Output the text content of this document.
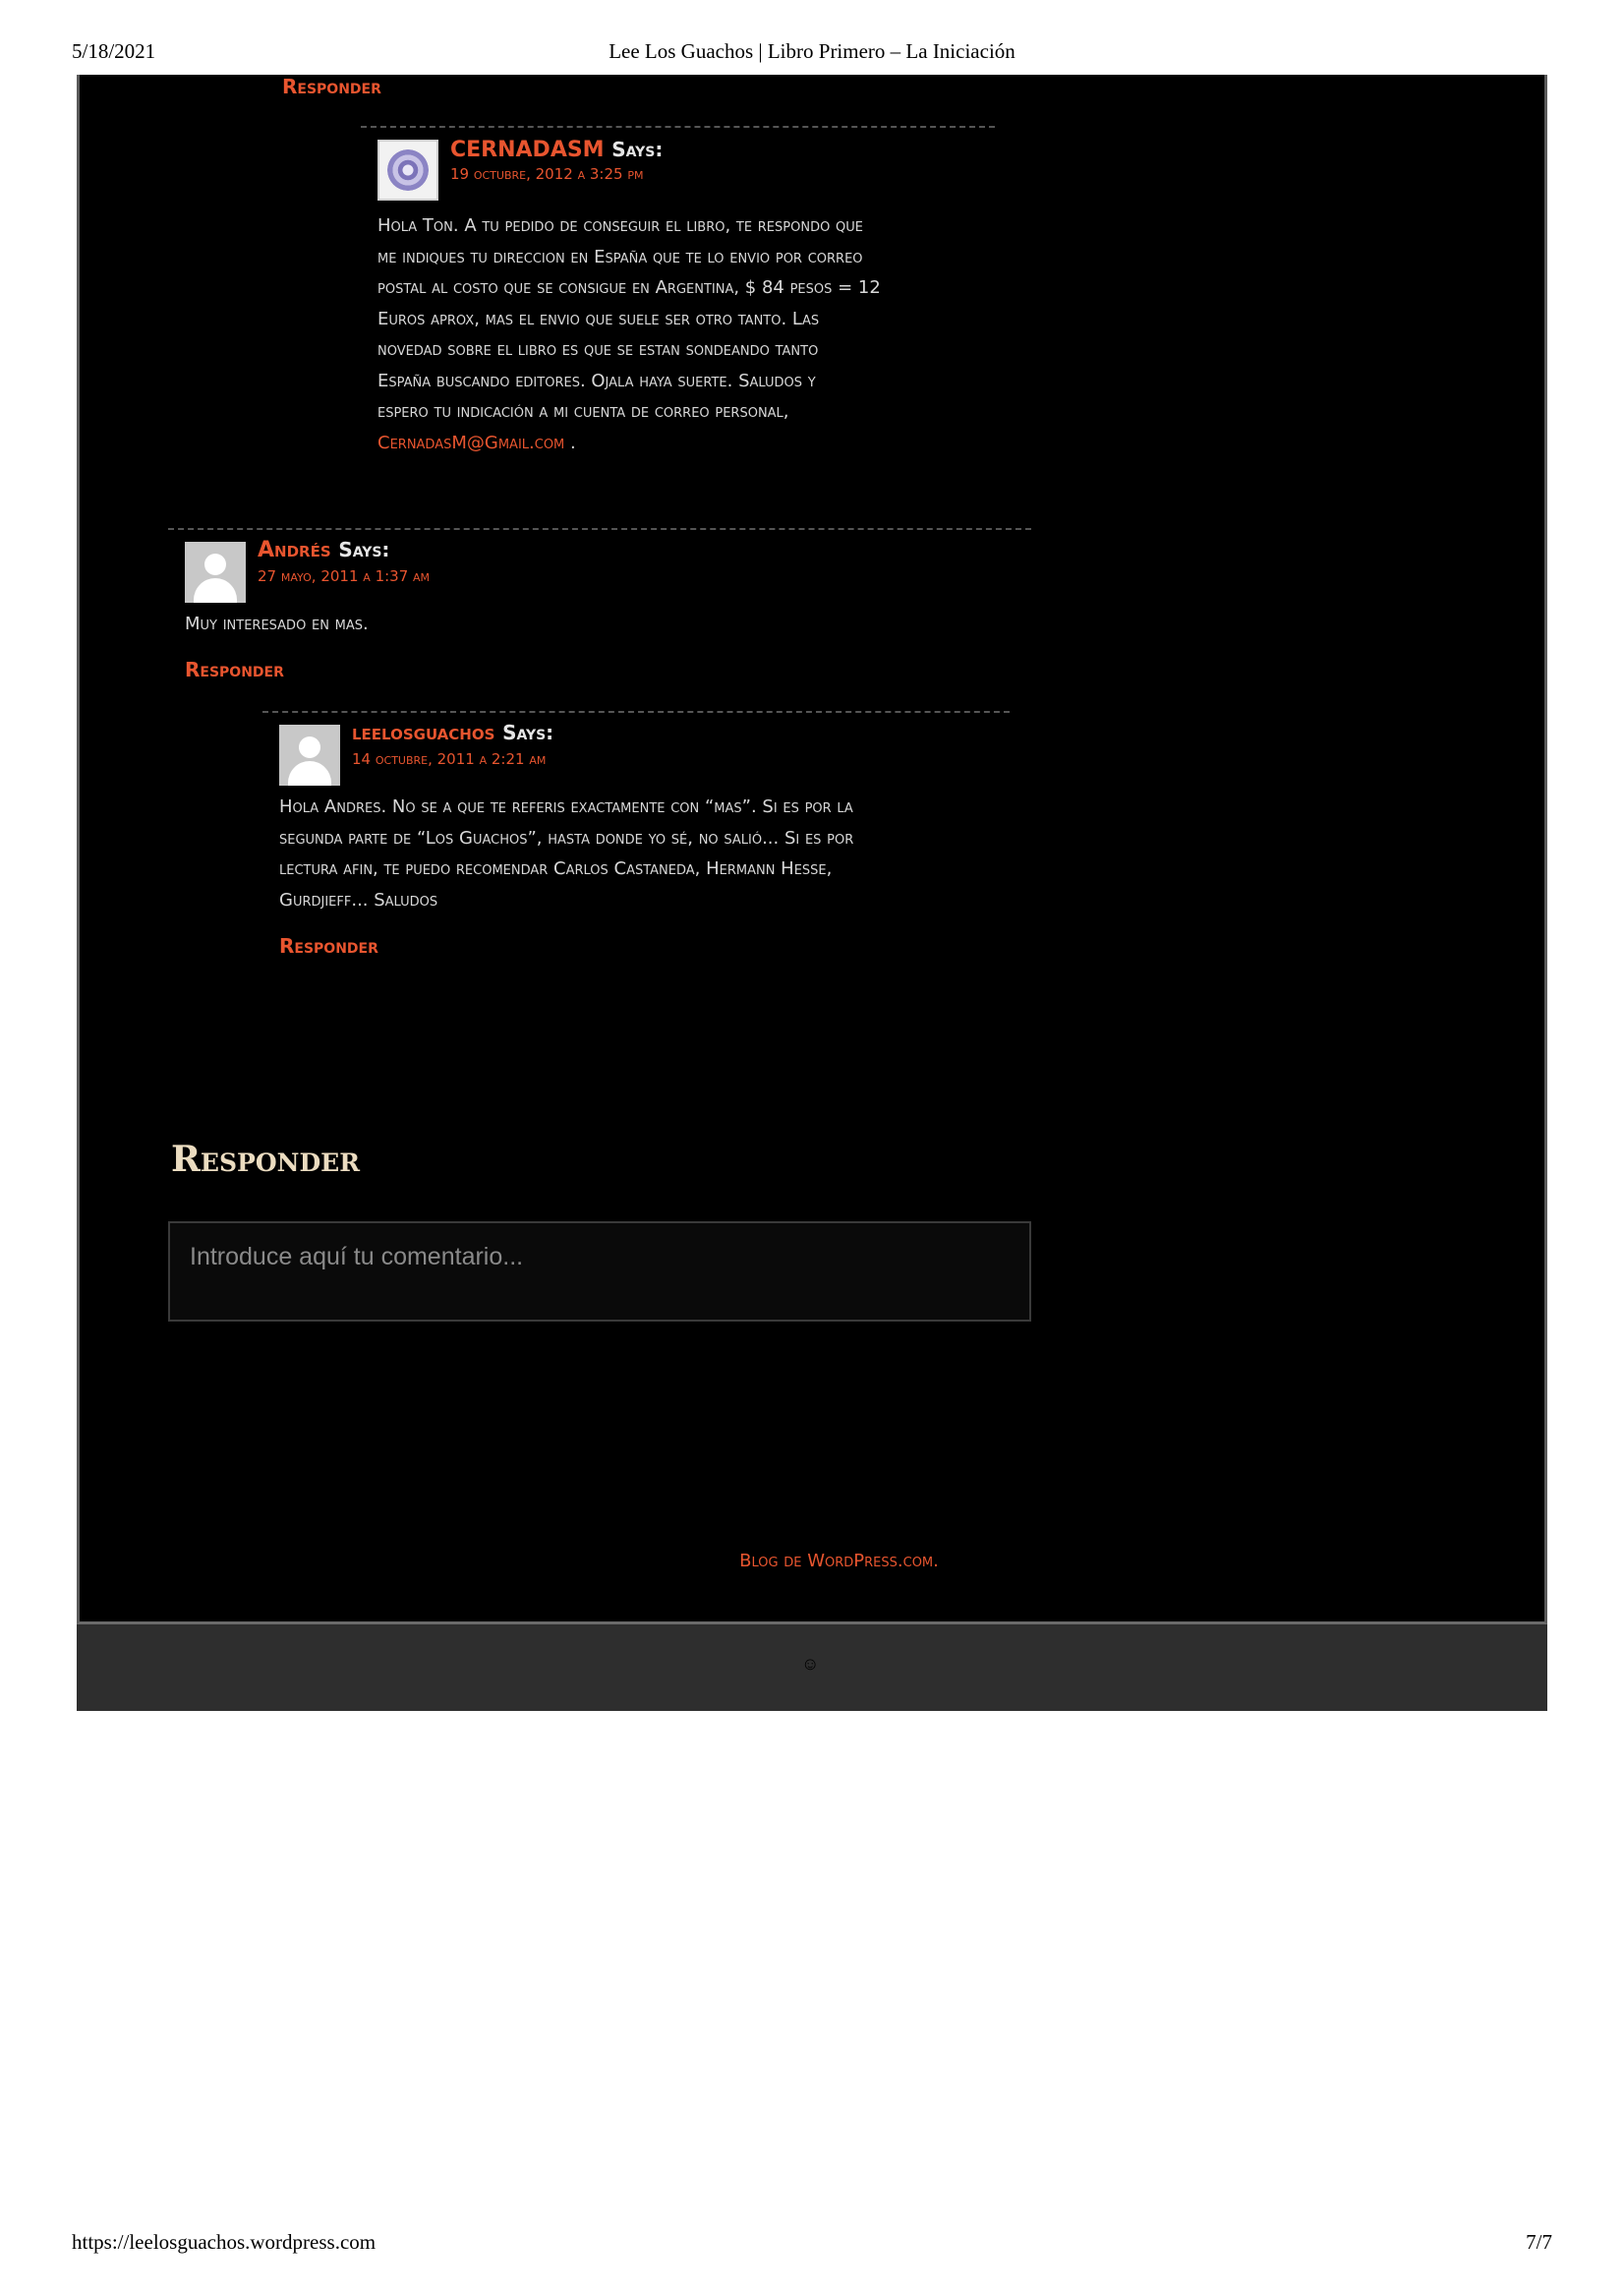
5/18/2021	Lee Los Guachos | Libro Primero – La Iniciación
Responder
CERNADASM Says:
19 octubre, 2012 a 3:25 pm
Hola Ton. A tu pedido de conseguir el libro, te respondo que
me indiques tu direccion en España que te lo envio por correo
postal al costo que se consigue en Argentina, $ 84 pesos = 12
Euros aprox, mas el envio que suele ser otro tanto. Las
novedad sobre el libro es que se estan sondeando tanto
España buscando editores. Ojala haya suerte. Saludos y
espero tu indicación a mi cuenta de correo personal,
CernadasM@Gmail.com .
Andrés Says:
27 mayo, 2011 a 1:37 am
Muy interesado en mas.
Responder
leelosguachos Says:
14 octubre, 2011 a 2:21 am
Hola Andres. No se a que te referis exactamente con “mas”. Si es por la
segunda parte de “Los Guachos”, hasta donde yo sé, no salió... Si es por
lectura afin, te puedo recomendar Carlos Castaneda, Hermann Hesse,
Gurdjieff... Saludos
Responder
Responder
Introduce aquí tu comentario...
Blog de WordPress.com.
☺
https://leelosguachos.wordpress.com	7/7
